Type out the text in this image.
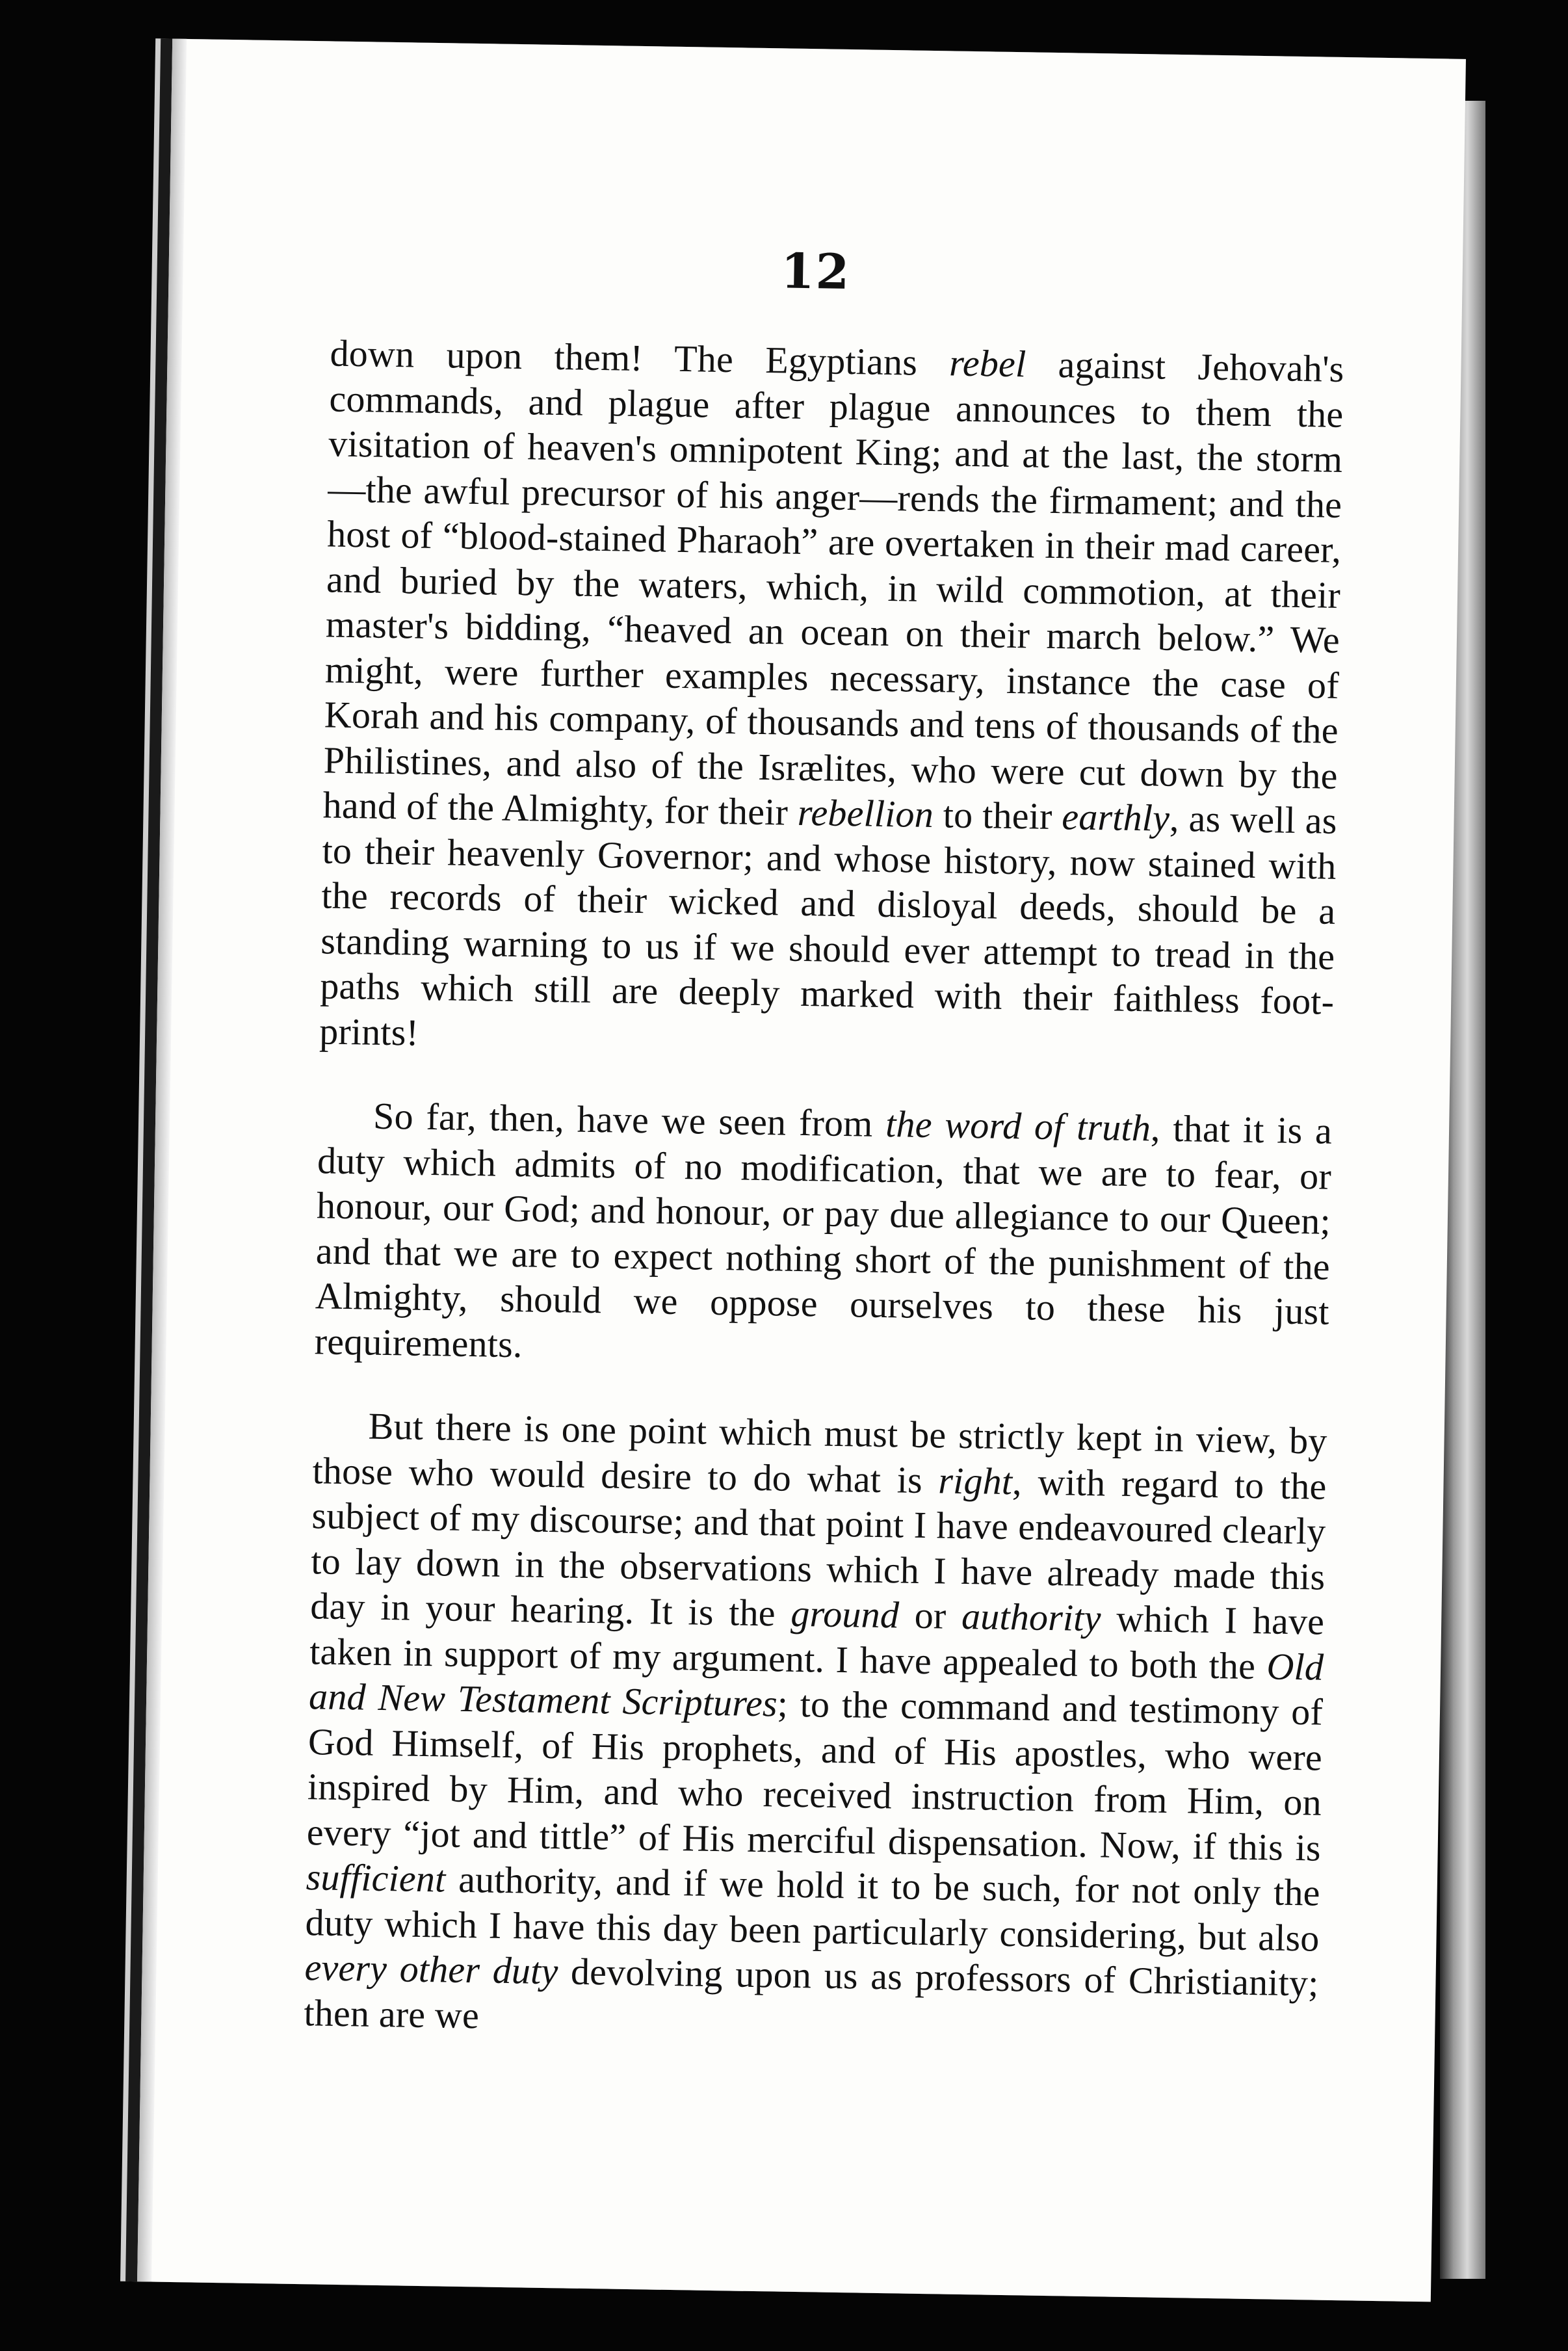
12

down upon them! The Egyptians rebel against Jehovah's commands, and plague after plague announces to them the visitation of heaven's omnipotent King; and at the last, the storm—the awful precursor of his anger—rends the firmament; and the host of “blood-stained Pharaoh” are overtaken in their mad career, and buried by the waters, which, in wild commotion, at their master's bidding, “heaved an ocean on their march below.” We might, were further examples necessary, instance the case of Korah and his company, of thousands and tens of thousands of the Philistines, and also of the Isrælites, who were cut down by the hand of the Almighty, for their rebellion to their earthly, as well as to their heavenly Governor; and whose history, now stained with the records of their wicked and disloyal deeds, should be a standing warning to us if we should ever attempt to tread in the paths which still are deeply marked with their faithless foot-prints!

So far, then, have we seen from the word of truth, that it is a duty which admits of no modification, that we are to fear, or honour, our God; and honour, or pay due allegiance to our Queen; and that we are to expect nothing short of the punishment of the Almighty, should we oppose ourselves to these his just requirements.

But there is one point which must be strictly kept in view, by those who would desire to do what is right, with regard to the subject of my discourse; and that point I have endeavoured clearly to lay down in the observations which I have already made this day in your hearing. It is the ground or authority which I have taken in support of my argument. I have appealed to both the Old and New Testament Scriptures; to the command and testimony of God Himself, of His prophets, and of His apostles, who were inspired by Him, and who received instruction from Him, on every “jot and tittle” of His merciful dispensation. Now, if this is sufficient authority, and if we hold it to be such, for not only the duty which I have this day been particularly considering, but also every other duty devolving upon us as professors of Christianity; then are we
